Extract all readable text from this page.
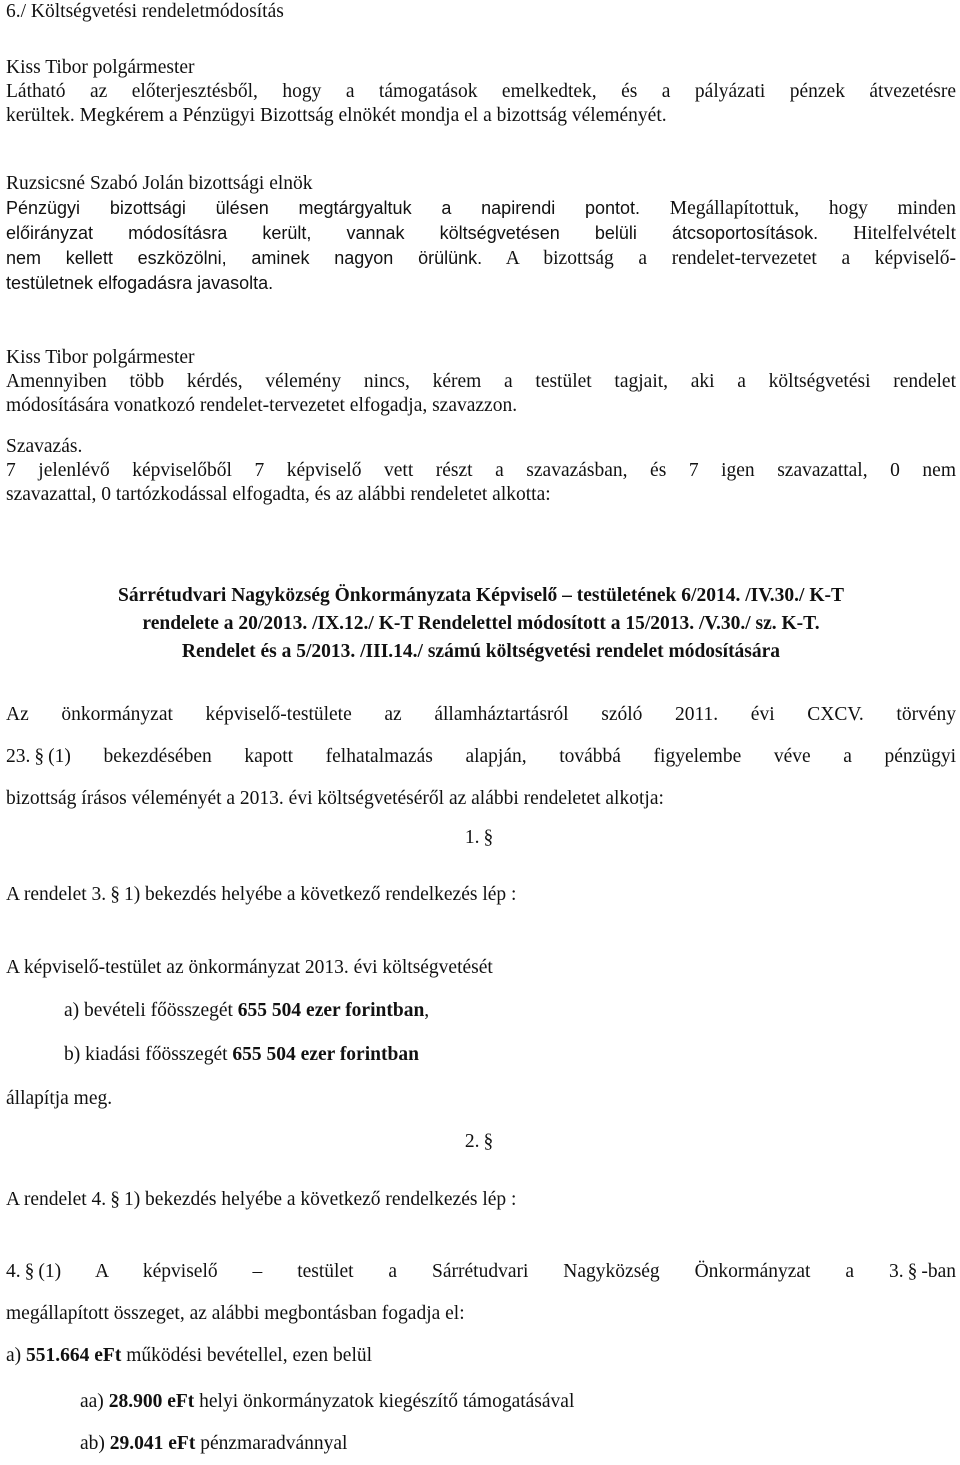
6./ Költségvetési rendeletmódosítás
Kiss Tibor polgármester
Látható az előterjesztésből, hogy a támogatások emelkedtek, és a pályázati pénzek átvezetésre
kerültek. Megkérem a Pénzügyi Bizottság elnökét mondja el a bizottság véleményét.
Ruzsicsné Szabó Jolán bizottsági elnök
Pénzügyi bizottsági ülésen megtárgyaltuk a napirendi pontot. Megállapítottuk, hogy minden
előirányzat módosításra került, vannak költségvetésen belüli átcsoportosítások. Hitelfelvételt
nem kellett eszközölni, aminek nagyon örülünk. A bizottság a rendelet-tervezetet a képviselő-
testületnek elfogadásra javasolta.
Kiss Tibor polgármester
Amennyiben több kérdés, vélemény nincs, kérem a testület tagjait, aki a költségvetési rendelet
módosítására vonatkozó rendelet-tervezetet elfogadja, szavazzon.
Szavazás.
7 jelenlévő képviselőből 7 képviselő vett részt a szavazásban, és 7 igen szavazattal, 0 nem
szavazattal, 0 tartózkodással elfogadta, és az alábbi rendeletet alkotta:
Sárrétudvari Nagyközség Önkormányzata Képviselő – testületének 6/2014. /IV.30./ K-T
rendelete a 20/2013. /IX.12./ K-T Rendelettel módosított a 15/2013. /V.30./ sz. K-T.
Rendelet és a 5/2013. /III.14./ számú költségvetési rendelet módosítására
Az önkormányzat képviselő-testülete az államháztartásról szóló 2011. évi CXCV. törvény
23. § (1) bekezdésében kapott felhatalmazás alapján, továbbá figyelembe véve a pénzügyi
bizottság írásos véleményét a 2013. évi költségvetéséről az alábbi rendeletet alkotja:
1. §
A rendelet 3. § 1) bekezdés helyébe a következő rendelkezés lép :
A képviselő-testület az önkormányzat 2013. évi költségvetését
a) bevételi főösszegét 655 504 ezer forintban,
b) kiadási főösszegét 655 504 ezer forintban
állapítja meg.
2. §
A rendelet 4. § 1) bekezdés helyébe a következő rendelkezés lép :
4. § (1) A képviselő – testület a Sárrétudvari Nagyközség Önkormányzat a 3. § -ban
megállapított összeget, az alábbi megbontásban fogadja el:
a) 551.664 eFt működési bevétellel, ezen belül
aa) 28.900 eFt helyi önkormányzatok kiegészítő támogatásával
ab) 29.041 eFt pénzmaradvánnyal
